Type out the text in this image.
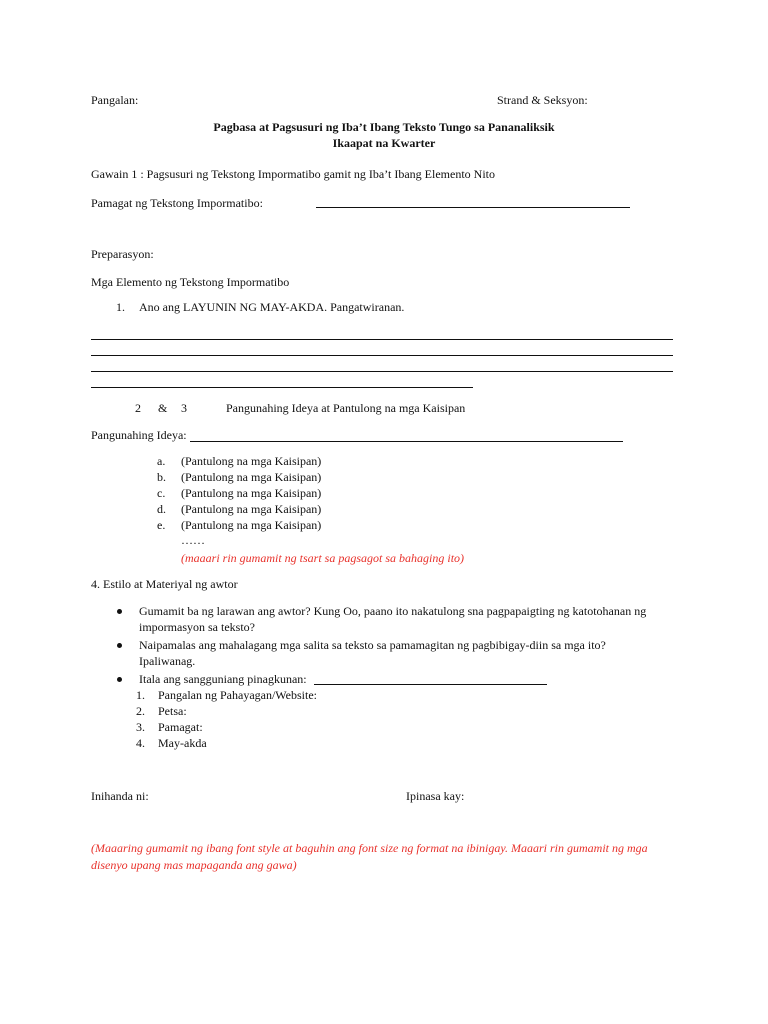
Pangalan:	Strand & Seksyon:
Pagbasa at Pagsusuri ng Iba’t Ibang Teksto Tungo sa Pananaliksik
Ikaapat na Kwarter
Gawain 1 : Pagsusuri ng Tekstong Impormatibo gamit ng Iba’t Ibang Elemento Nito
Pamagat ng Tekstong Impormatibo:
Preparasyon:
Mga Elemento ng Tekstong Impormatibo
1. Ano ang LAYUNIN NG MAY-AKDA. Pangatwiranan.
2 & 3	Pangunahing Ideya at Pantulong na mga Kaisipan
Pangunahing Ideya:
a. (Pantulong na mga Kaisipan)
b. (Pantulong na mga Kaisipan)
c. (Pantulong na mga Kaisipan)
d. (Pantulong na mga Kaisipan)
e. (Pantulong na mga Kaisipan)
……
(maaari rin gumamit ng tsart sa pagsagot sa bahaging ito)
4. Estilo at Materiyal ng awtor
Gumamit ba ng larawan ang awtor? Kung Oo, paano ito nakatulong sna pagpapaigting ng katotohanan ng
impormasyon sa teksto?
Naipamalas ang mahalagang mga salita sa teksto sa pamamagitan ng pagbibigay-diin sa mga ito?
Ipaliwanag.
Itala ang sangguniang pinagkunan:
1. Pangalan ng Pahayagan/Website:
2. Petsa:
3. Pamagat:
4. May-akda
Inihanda ni:	Ipinasa kay:
(Maaaring gumamit ng ibang font style at baguhin ang font size ng format na ibinigay. Maaari rin gumamit ng mga
disenyo upang mas mapaganda ang gawa)
